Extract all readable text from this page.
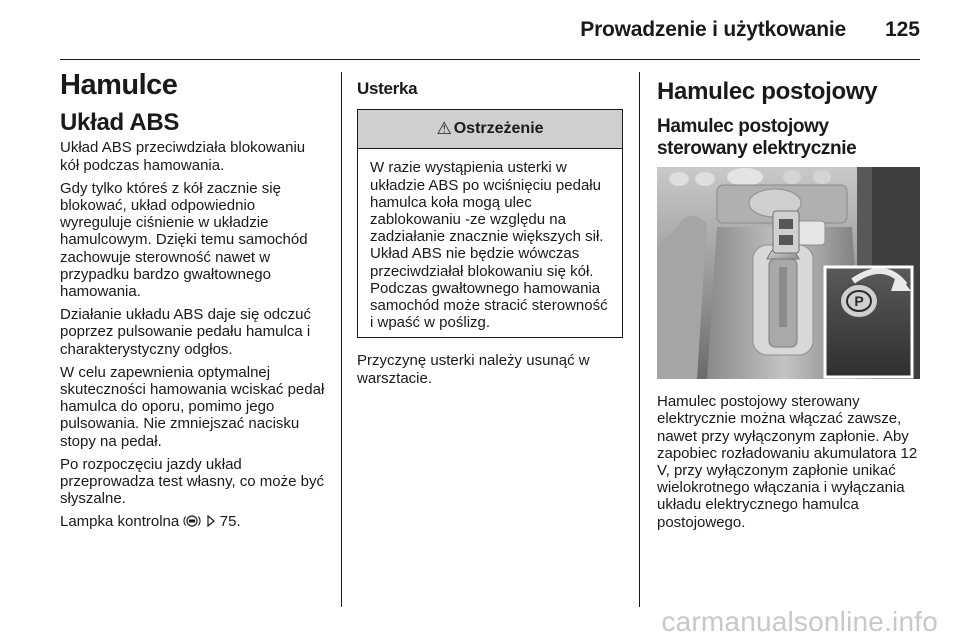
Prowadzenie i użytkowanie	125
Hamulce
Układ ABS

Układ ABS przeciwdziała blokowaniu kół podczas hamowania.

Gdy tylko któreś z kół zacznie się blokować, układ odpowiednio wyreguluje ciśnienie w układzie hamulcowym. Dzięki temu samochód zachowuje sterowność nawet w przypadku bardzo gwałtownego hamowania.

Działanie układu ABS daje się odczuć poprzez pulsowanie pedału hamulca i charakterystyczny odgłos.

W celu zapewnienia optymalnej skuteczności hamowania wciskać pedał hamulca do oporu, pomimo jego pulsowania. Nie zmniejszać nacisku stopy na pedał.

Po rozpoczęciu jazdy układ przeprowadza test własny, co może być słyszalne.

Lampka kontrolna	75.

Usterka
⚠ Ostrzeżenie

W razie wystąpienia usterki w układzie ABS po wciśnięciu pedału hamulca koła mogą ulec zablokowaniu -ze względu na zadziałanie znacznie większych sił. Układ ABS nie będzie wówczas przeciwdziałał blokowaniu się kół. Podczas gwałtownego hamowania samochód może stracić sterowność i wpaść w poślizg.

Przyczynę usterki należy usunąć w warsztacie.

Hamulec postojowy
Hamulec postojowy sterowany elektrycznie
P

Hamulec postojowy sterowany elektrycznie można włączać zawsze, nawet przy wyłączonym zapłonie. Aby zapobiec rozładowaniu akumulatora 12 V, przy wyłączonym zapłonie unikać wielokrotnego włączania i wyłączania układu elektrycznego hamulca postojowego.

carmanualsonline.info
